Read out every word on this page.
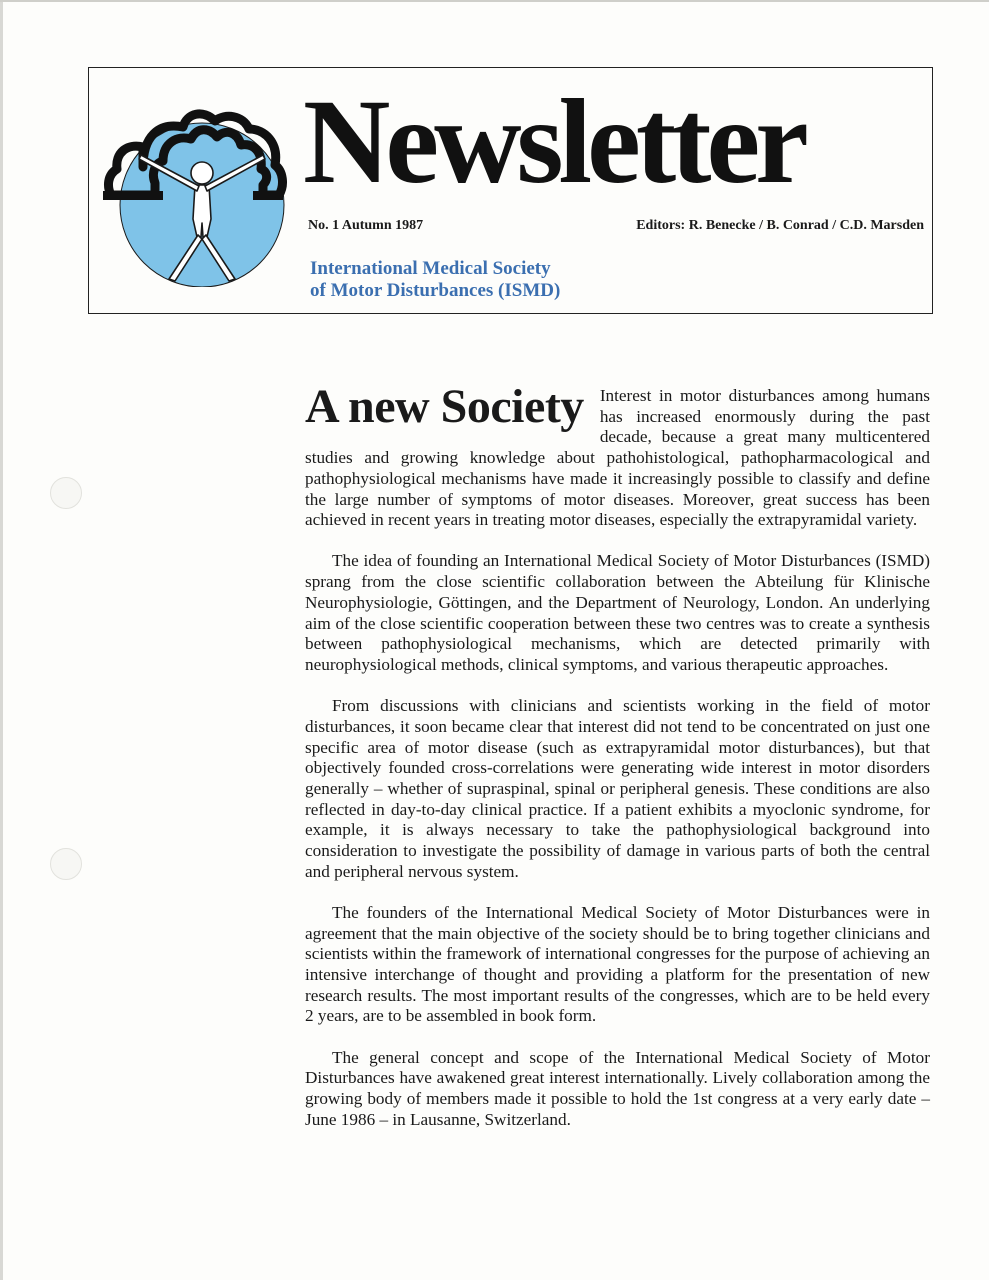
Newsletter
No. 1 Autumn 1987	Editors: R. Benecke / B. Conrad / C.D. Marsden
International Medical Society
of Motor Disturbances (ISMD)
A new Society Interest in motor disturbances among humans has increased enormously during the past decade, because a great many multicentered studies and growing knowledge about pathohistological, pathopharmacological and pathophysiological mechanisms have made it increasingly possible to classify and define the large number of symptoms of motor diseases. Moreover, great success has been achieved in recent years in treating motor diseases, especially the extrapyramidal variety.

The idea of founding an International Medical Society of Motor Disturbances (ISMD) sprang from the close scientific collaboration between the Abteilung für Klinische Neurophysiologie, Göttingen, and the Department of Neurology, London. An underlying aim of the close scientific cooperation between these two centres was to create a synthesis between pathophysiological mechanisms, which are detected primarily with neurophysiological methods, clinical symptoms, and various therapeutic approaches.

From discussions with clinicians and scientists working in the field of motor disturbances, it soon became clear that interest did not tend to be concentrated on just one specific area of motor disease (such as extrapyramidal motor disturbances), but that objectively founded cross-correlations were generating wide interest in motor disorders generally – whether of supraspinal, spinal or peripheral genesis. These conditions are also reflected in day-to-day clinical practice. If a patient exhibits a myoclonic syndrome, for example, it is always necessary to take the pathophysiological background into consideration to investigate the possibility of damage in various parts of both the central and peripheral nervous system.

The founders of the International Medical Society of Motor Disturbances were in agreement that the main objective of the society should be to bring together clinicians and scientists within the framework of international congresses for the purpose of achieving an intensive interchange of thought and providing a platform for the presentation of new research results. The most important results of the congresses, which are to be held every 2 years, are to be assembled in book form.

The general concept and scope of the International Medical Society of Motor Disturbances have awakened great interest internationally. Lively collaboration among the growing body of members made it possible to hold the 1st congress at a very early date – June 1986 – in Lausanne, Switzerland.
